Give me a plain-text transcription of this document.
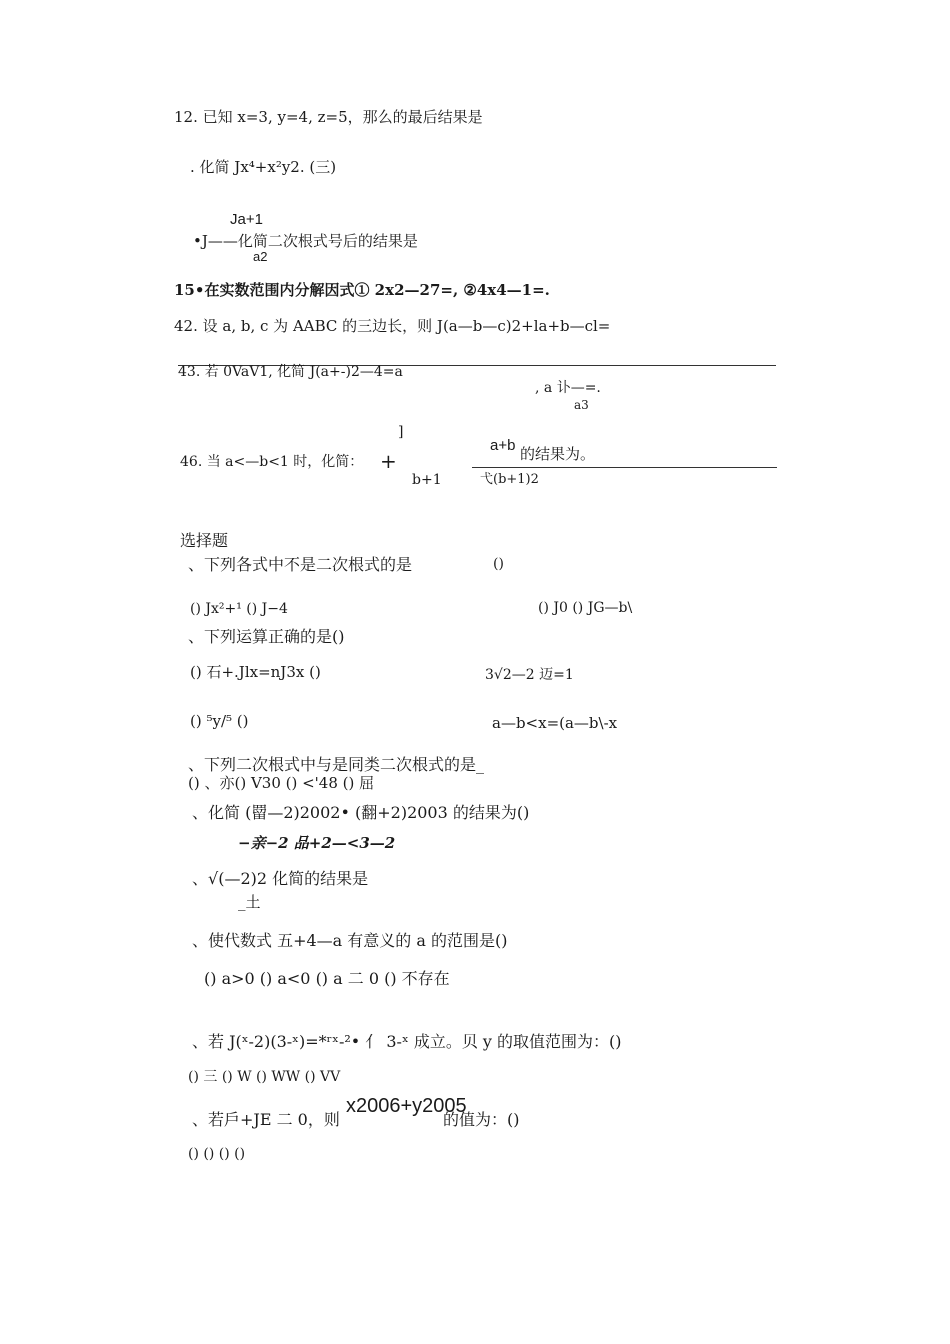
12. 已知 x=3, y=4, z=5，那么的最后结果是
. 化简 Jx⁴+x²y2. (三)
Ja+1
•J——化简二次根式号后的结果是
a2
15•在实数范围内分解因式① 2x2—27=, ②4x4—1=.
42. 设 a, b, c 为 AABC 的三边长，则 J(a—b—c)2+la+b—cl=
43. 若 0VaV1, 化简 J(a+-)2—4=a
, a 讣—=.
a3
]
a+b 的结果为。
46. 当 a<—b<1 时，化简： +
b+1	弋(b+1)2
选择题
、下列各式中不是二次根式的是	()
() Jx²+¹ () J−4	() J0 () JG—b\
、下列运算正确的是()
() 石+.Jlx=nJ3x ()	3√2—2 迈=1
() ⁵y/⁵ ()	a—b<x=(a—b\-x
、下列二次根式中与是同类二次根式的是_
() 、亦() V30 () <'48 () 屈
、化简 (罶—2)2002• (翻+2)2003 的结果为()
−亲−2 品+2—<3—2
、√(—2)2 化简的结果是
_土
、使代数式 五+4—a 有意义的 a 的范围是()
() a>0 () a<0 () a 二 0 () 不存在
、若 J(ˣ-2)(3-ˣ)=*ʳˣ-²• 亻 3-ˣ 成立。贝 y 的取值范围为：()
() 三 () W () WW () VV
、若戶+JE 二 0，则
x2006+y2005
的值为：()
() () () ()
